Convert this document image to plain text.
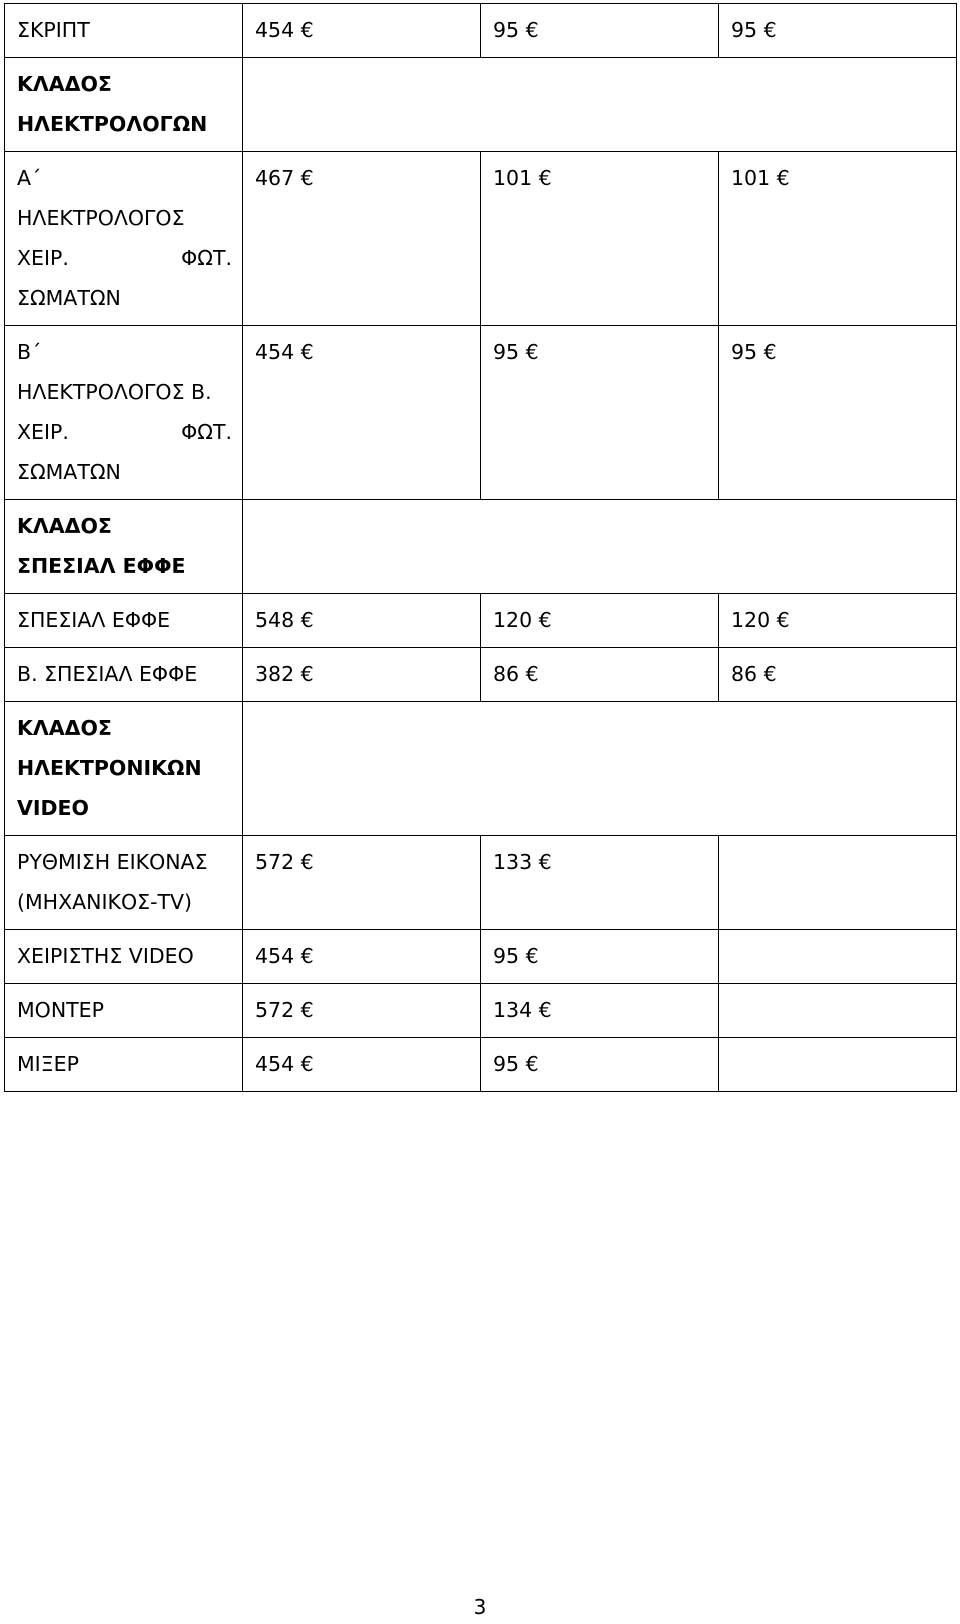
ΣΚΡΙΠΤ	454 €	95 €	95 €

ΚΛΑΔΟΣ
ΗΛΕΚΤΡΟΛΟΓΩΝ			

Α΄
ΗΛΕΚΤΡΟΛΟΓΟΣ
ΧΕΙΡ. ΦΩΤ.
ΣΩΜΑΤΩΝ	467 €	101 €	101 €

Β΄
ΗΛΕΚΤΡΟΛΟΓΟΣ Β.
ΧΕΙΡ. ΦΩΤ.
ΣΩΜΑΤΩΝ	454 €	95 €	95 €

ΚΛΑΔΟΣ
ΣΠΕΣΙΑΛ ΕΦΦΕ			

ΣΠΕΣΙΑΛ ΕΦΦΕ	548 €	120 €	120 €
Β. ΣΠΕΣΙΑΛ ΕΦΦΕ	382 €	86 €	86 €

ΚΛΑΔΟΣ
ΗΛΕΚΤΡΟΝΙΚΩΝ
VIDEO			

ΡΥΘΜΙΣΗ ΕΙΚΟΝΑΣ
(ΜΗΧΑΝΙΚΟΣ-TV)	572 €	133 €	
ΧΕΙΡΙΣΤΗΣ VIDEO	454 €	95 €	
ΜΟΝΤΕΡ	572 €	134 €	
ΜΙΞΕΡ	454 €	95 €	
3
